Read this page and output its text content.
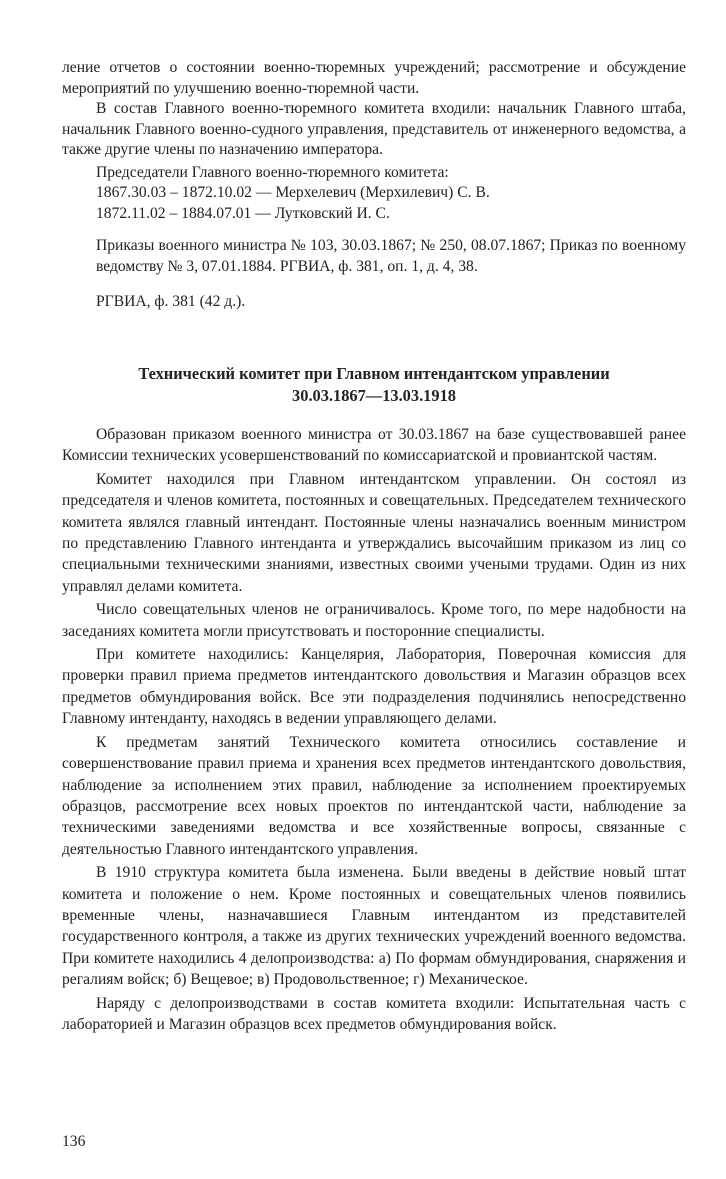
ление отчетов о состоянии военно-тюремных учреждений; рассмотрение и обсуждение мероприятий по улучшению военно-тюремной части.

В состав Главного военно-тюремного комитета входили: начальник Главного штаба, начальник Главного военно-судного управления, представитель от инженерного ведомства, а также другие члены по назначению императора.

Председатели Главного военно-тюремного комитета:
1867.30.03 – 1872.10.02 — Мерхелевич (Мерхилевич) С. В.
1872.11.02 – 1884.07.01 — Лутковский И. С.

Приказы военного министра № 103, 30.03.1867; № 250, 08.07.1867; Приказ по военному ведомству № 3, 07.01.1884. РГВИА, ф. 381, оп. 1, д. 4, 38.

РГВИА, ф. 381 (42 д.).

Технический комитет при Главном интендантском управлении
30.03.1867—13.03.1918

Образован приказом военного министра от 30.03.1867 на базе существовавшей ранее Комиссии технических усовершенствований по комиссариатской и провиантской частям.

Комитет находился при Главном интендантском управлении. Он состоял из председателя и членов комитета, постоянных и совещательных. Председателем технического комитета являлся главный интендант. Постоянные члены назначались военным министром по представлению Главного интенданта и утверждались высочайшим приказом из лиц со специальными техническими знаниями, известных своими учеными трудами. Один из них управлял делами комитета.

Число совещательных членов не ограничивалось. Кроме того, по мере надобности на заседаниях комитета могли присутствовать и посторонние специалисты.

При комитете находились: Канцелярия, Лаборатория, Поверочная комиссия для проверки правил приема предметов интендантского довольствия и Магазин образцов всех предметов обмундирования войск. Все эти подразделения подчинялись непосредственно Главному интенданту, находясь в ведении управляющего делами.

К предметам занятий Технического комитета относились составление и совершенствование правил приема и хранения всех предметов интендантского довольствия, наблюдение за исполнением этих правил, наблюдение за исполнением проектируемых образцов, рассмотрение всех новых проектов по интендантской части, наблюдение за техническими заведениями ведомства и все хозяйственные вопросы, связанные с деятельностью Главного интендантского управления.

В 1910 структура комитета была изменена. Были введены в действие новый штат комитета и положение о нем. Кроме постоянных и совещательных членов появились временные члены, назначавшиеся Главным интендантом из представителей государственного контроля, а также из других технических учреждений военного ведомства. При комитете находились 4 делопроизводства: а) По формам обмундирования, снаряжения и регалиям войск; б) Вещевое; в) Продовольственное; г) Механическое.

Наряду с делопроизводствами в состав комитета входили: Испытательная часть с лабораторией и Магазин образцов всех предметов обмундирования войск.

136
